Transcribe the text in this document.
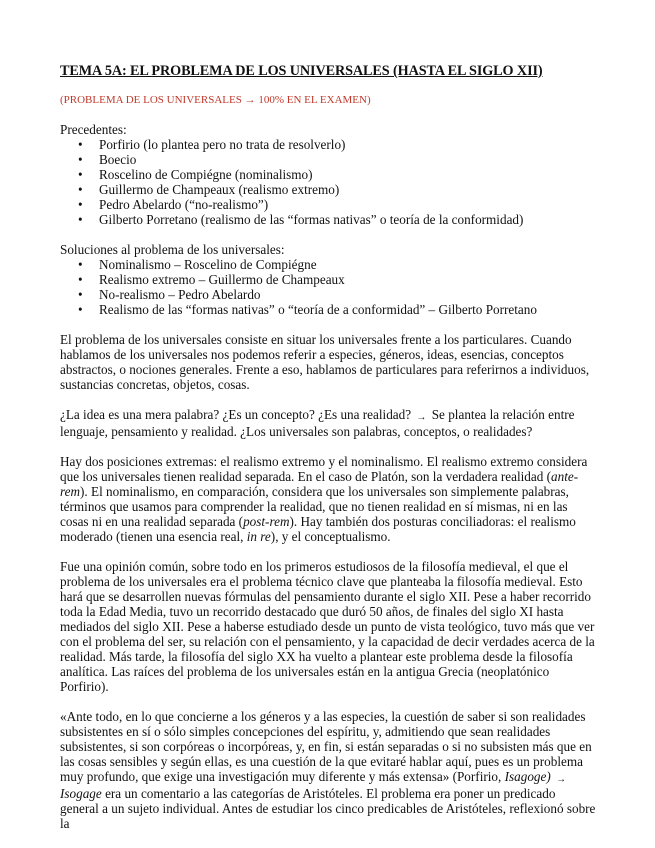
TEMA 5A: EL PROBLEMA DE LOS UNIVERSALES (HASTA EL SIGLO XII)
(PROBLEMA DE LOS UNIVERSALES → 100% EN EL EXAMEN)
Precedentes:
• Porfirio (lo plantea pero no trata de resolverlo)
• Boecio
• Roscelino de Compiégne (nominalismo)
• Guillermo de Champeaux (realismo extremo)
• Pedro Abelardo (“no-realismo”)
• Gilberto Porretano (realismo de las “formas nativas” o teoría de la conformidad)
Soluciones al problema de los universales:
• Nominalismo – Roscelino de Compiégne
• Realismo extremo – Guillermo de Champeaux
• No-realismo – Pedro Abelardo
• Realismo de las “formas nativas” o “teoría de a conformidad” – Gilberto Porretano

El problema de los universales consiste en situar los universales frente a los particulares. Cuando hablamos de los universales nos podemos referir a especies, géneros, ideas, esencias, conceptos abstractos, o nociones generales. Frente a eso, hablamos de particulares para referirnos a individuos, sustancias concretas, objetos, cosas.

¿La idea es una mera palabra? ¿Es un concepto? ¿Es una realidad? → Se plantea la relación entre lenguaje, pensamiento y realidad. ¿Los universales son palabras, conceptos, o realidades?

Hay dos posiciones extremas: el realismo extremo y el nominalismo. El realismo extremo considera que los universales tienen realidad separada. En el caso de Platón, son la verdadera realidad (ante-rem). El nominalismo, en comparación, considera que los universales son simplemente palabras, términos que usamos para comprender la realidad, que no tienen realidad en sí mismas, ni en las cosas ni en una realidad separada (post-rem). Hay también dos posturas conciliadoras: el realismo moderado (tienen una esencia real, in re), y el conceptualismo.

Fue una opinión común, sobre todo en los primeros estudiosos de la filosofía medieval, el que el problema de los universales era el problema técnico clave que planteaba la filosofía medieval. Esto hará que se desarrollen nuevas fórmulas del pensamiento durante el siglo XII. Pese a haber recorrido toda la Edad Media, tuvo un recorrido destacado que duró 50 años, de finales del siglo XI hasta mediados del siglo XII. Pese a haberse estudiado desde un punto de vista teológico, tuvo más que ver con el problema del ser, su relación con el pensamiento, y la capacidad de decir verdades acerca de la realidad. Más tarde, la filosofía del siglo XX ha vuelto a plantear este problema desde la filosofía analítica. Las raíces del problema de los universales están en la antigua Grecia (neoplatónico Porfirio).

«Ante todo, en lo que concierne a los géneros y a las especies, la cuestión de saber si son realidades subsistentes en sí o sólo simples concepciones del espíritu, y, admitiendo que sean realidades subsistentes, si son corpóreas o incorpóreas, y, en fin, si están separadas o si no subsisten más que en las cosas sensibles y según ellas, es una cuestión de la que evitaré hablar aquí, pues es un problema muy profundo, que exige una investigación muy diferente y más extensa» (Porfirio, Isagoge) →
Isogage era un comentario a las categorías de Aristóteles. El problema era poner un predicado general a un sujeto individual. Antes de estudiar los cinco predicables de Aristóteles, reflexionó sobre la
